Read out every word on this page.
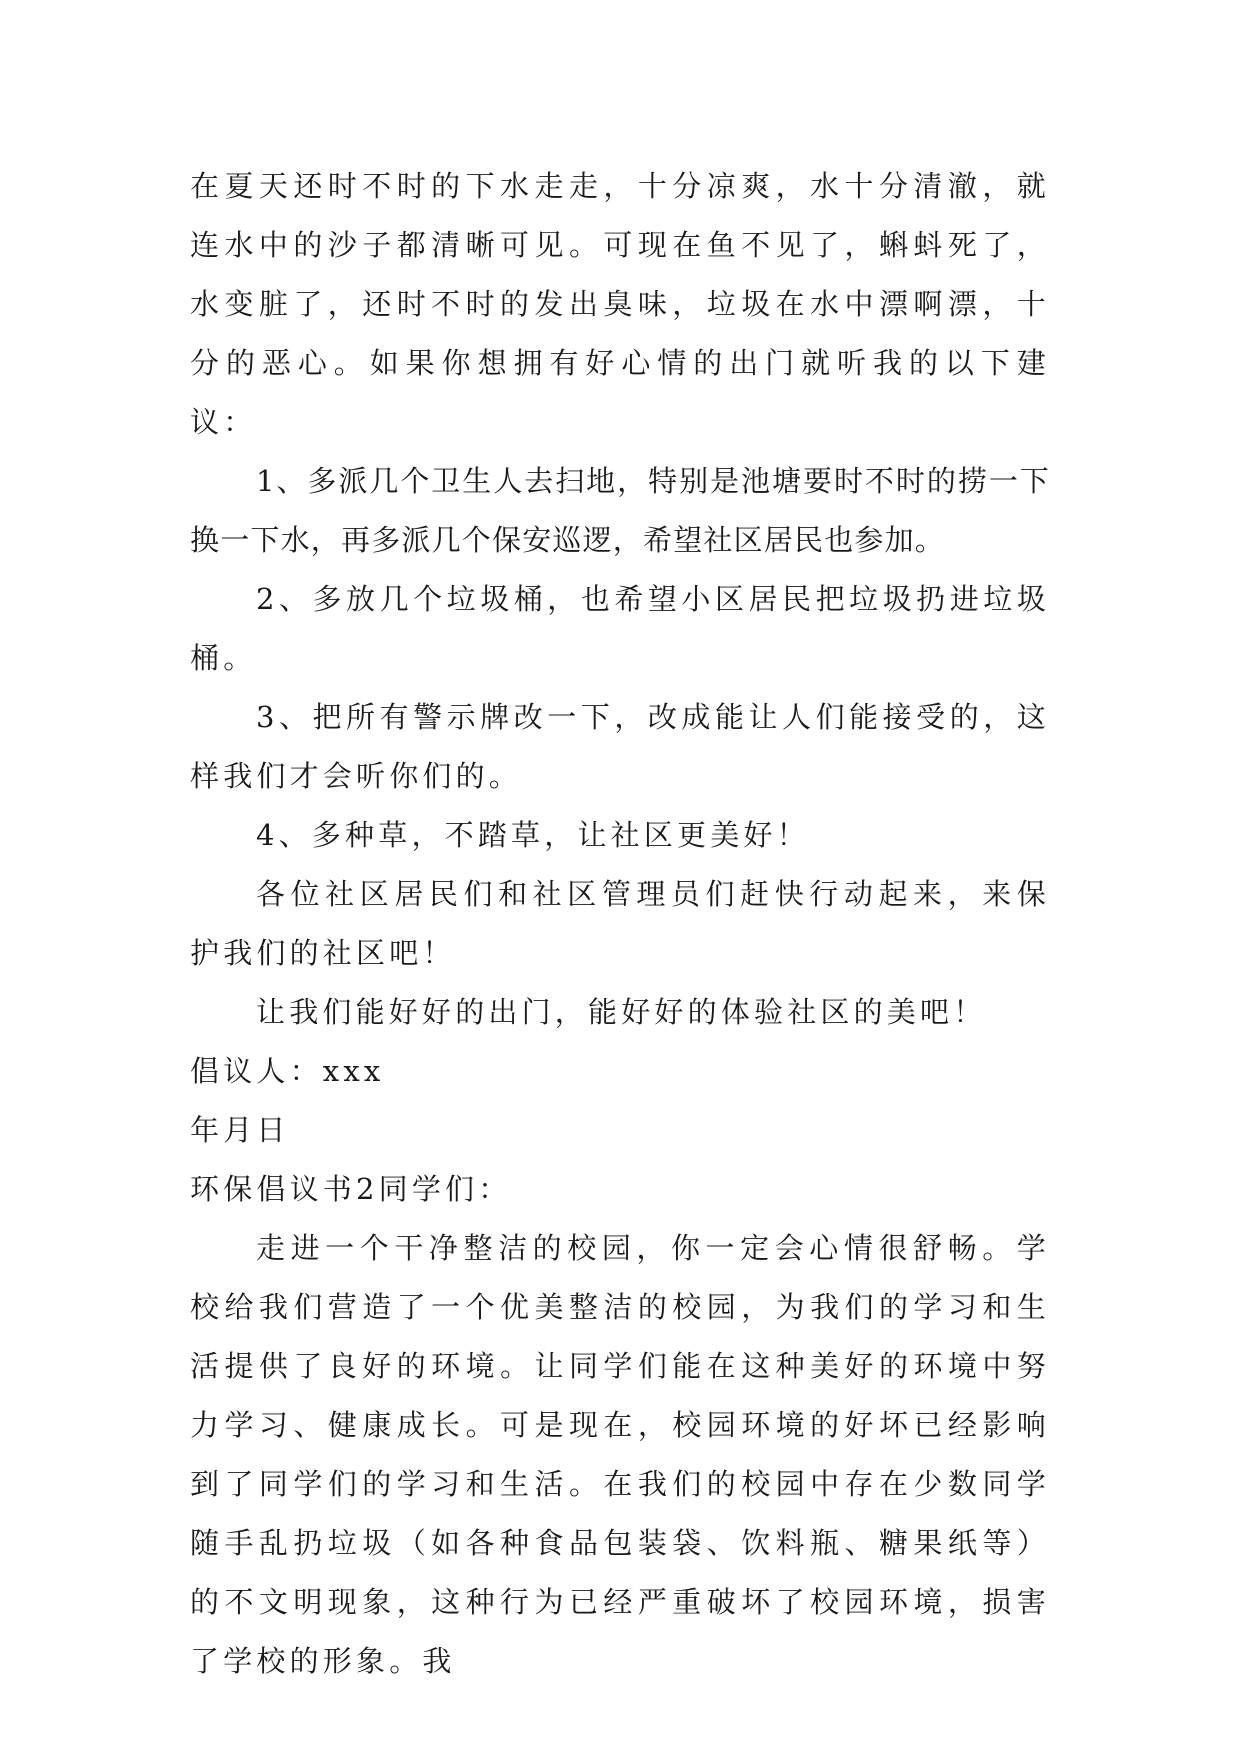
在夏天还时不时的下水走走，十分凉爽，水十分清澈，就连水中的沙子都清晰可见。可现在鱼不见了，蝌蚪死了，水变脏了，还时不时的发出臭味，垃圾在水中漂啊漂，十分的恶心。如果你想拥有好心情的出门就听我的以下建议：

1、多派几个卫生人去扫地，特别是池塘要时不时的捞一下换一下水，再多派几个保安巡逻，希望社区居民也参加。

2、多放几个垃圾桶，也希望小区居民把垃圾扔进垃圾桶。

3、把所有警示牌改一下，改成能让人们能接受的，这样我们才会听你们的。

4、多种草，不踏草，让社区更美好！

各位社区居民们和社区管理员们赶快行动起来，来保护我们的社区吧！

让我们能好好的出门，能好好的体验社区的美吧！

倡议人：xxx

年月日

环保倡议书2同学们：

走进一个干净整洁的校园，你一定会心情很舒畅。学校给我们营造了一个优美整洁的校园，为我们的学习和生活提供了良好的环境。让同学们能在这种美好的环境中努力学习、健康成长。可是现在，校园环境的好坏已经影响到了同学们的学习和生活。在我们的校园中存在少数同学随手乱扔垃圾（如各种食品包装袋、饮料瓶、糖果纸等）的不文明现象，这种行为已经严重破坏了校园环境，损害了学校的形象。我
